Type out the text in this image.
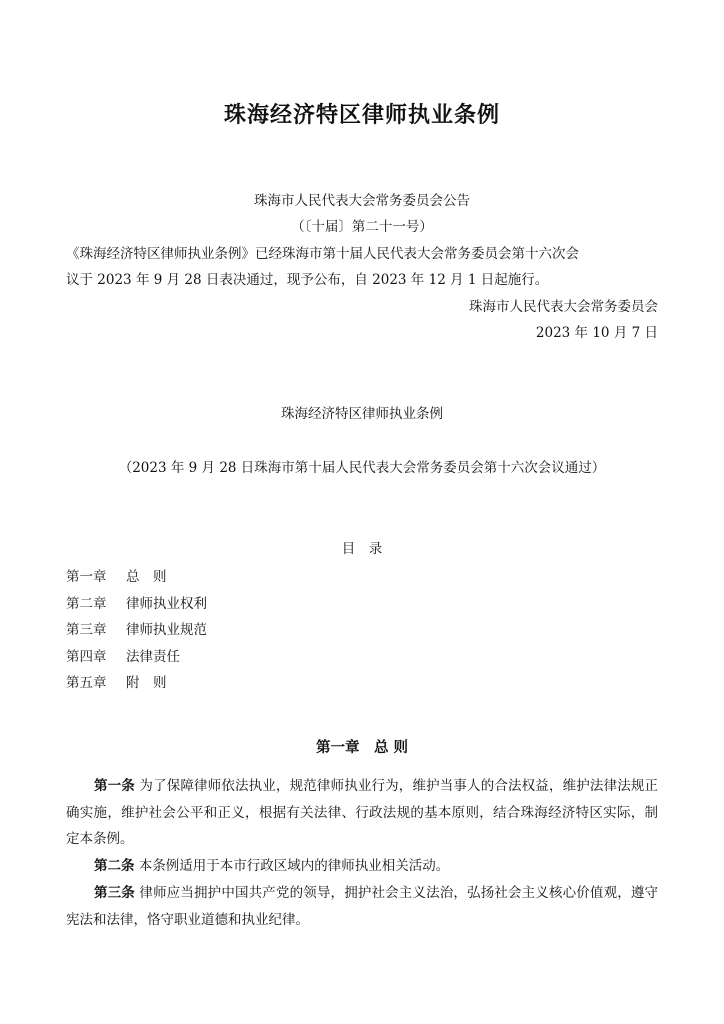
珠海经济特区律师执业条例
珠海市人民代表大会常务委员会公告
（〔十届〕第二十一号）
《珠海经济特区律师执业条例》已经珠海市第十届人民代表大会常务委员会第十六次会
议于 2023 年 9 月 28 日表决通过，现予公布，自 2023 年 12 月 1 日起施行。
珠海市人民代表大会常务委员会
2023 年 10 月 7 日
珠海经济特区律师执业条例
（2023 年 9 月 28 日珠海市第十届人民代表大会常务委员会第十六次会议通过）
目　录
第一章	总　则
第二章	律师执业权利
第三章	律师执业规范
第四章	法律责任
第五章	附　则
第一章　总 则
第一条 为了保障律师依法执业，规范律师执业行为，维护当事人的合法权益，维护法律法规正确实施，维护社会公平和正义，根据有关法律、行政法规的基本原则，结合珠海经济特区实际，制定本条例。
第二条 本条例适用于本市行政区域内的律师执业相关活动。
第三条 律师应当拥护中国共产党的领导，拥护社会主义法治，弘扬社会主义核心价值观，遵守宪法和法律，恪守职业道德和执业纪律。
